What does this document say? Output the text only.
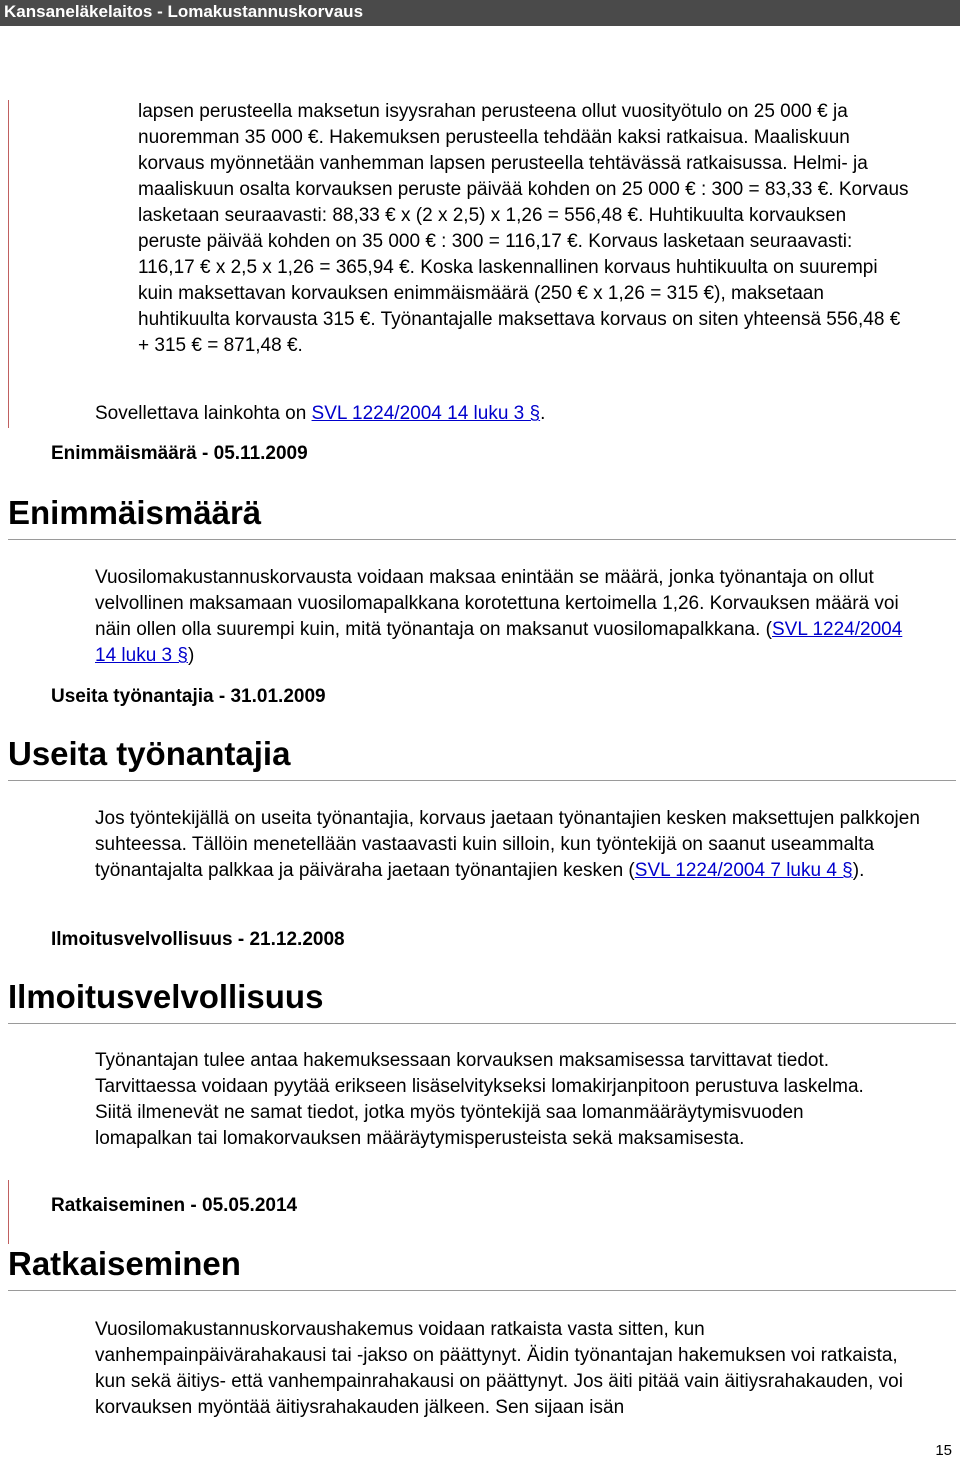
Kansaneläkelaitos - Lomakustannuskorvaus

lapsen perusteella maksetun isyysrahan perusteena ollut vuosityötulo on 25 000 € ja nuoremman 35 000 €. Hakemuksen perusteella tehdään kaksi ratkaisua. Maaliskuun korvaus myönnetään vanhemman lapsen perusteella tehtävässä ratkaisussa. Helmi- ja maaliskuun osalta korvauksen peruste päivää kohden on 25 000 € : 300 = 83,33 €. Korvaus lasketaan seuraavasti: 88,33 € x (2 x 2,5) x 1,26 = 556,48 €. Huhtikuulta korvauksen peruste päivää kohden on 35 000 € : 300 = 116,17 €. Korvaus lasketaan seuraavasti: 116,17 € x 2,5 x 1,26 = 365,94 €. Koska laskennallinen korvaus huhtikuulta on suurempi kuin maksettavan korvauksen enimmäismäärä (250 € x 1,26 = 315 €), maksetaan huhtikuulta korvausta 315 €. Työnantajalle maksettava korvaus on siten yhteensä 556,48 € + 315 € = 871,48 €.

Sovellettava lainkohta on SVL 1224/2004 14 luku 3 §.

Enimmäismäärä - 05.11.2009
Enimmäismäärä

Vuosilomakustannuskorvausta voidaan maksaa enintään se määrä, jonka työnantaja on ollut velvollinen maksamaan vuosilomapalkkana korotettuna kertoimella 1,26. Korvauksen määrä voi näin ollen olla suurempi kuin, mitä työnantaja on maksanut vuosilomapalkkana. (SVL 1224/2004 14 luku 3 §)

Useita työnantajia - 31.01.2009
Useita työnantajia

Jos työntekijällä on useita työnantajia, korvaus jaetaan työnantajien kesken maksettujen palkkojen suhteessa. Tällöin menetellään vastaavasti kuin silloin, kun työntekijä on saanut useammalta työnantajalta palkkaa ja päiväraha jaetaan työnantajien kesken (SVL 1224/2004 7 luku 4 §).

Ilmoitusvelvollisuus - 21.12.2008
Ilmoitusvelvollisuus

Työnantajan tulee antaa hakemuksessaan korvauksen maksamisessa tarvittavat tiedot. Tarvittaessa voidaan pyytää erikseen lisäselvitykseksi lomakirjanpitoon perustuva laskelma. Siitä ilmenevät ne samat tiedot, jotka myös työntekijä saa lomanmääräytymisvuoden lomapalkan tai lomakorvauksen määräytymisperusteista sekä maksamisesta.

Ratkaiseminen - 05.05.2014
Ratkaiseminen

Vuosilomakustannuskorvaushakemus voidaan ratkaista vasta sitten, kun vanhempainpäivärahakausi tai -jakso on päättynyt. Äidin työnantajan hakemuksen voi ratkaista, kun sekä äitiys- että vanhempainrahakausi on päättynyt. Jos äiti pitää vain äitiysrahakauden, voi korvauksen myöntää äitiysrahakauden jälkeen. Sen sijaan isän

15
